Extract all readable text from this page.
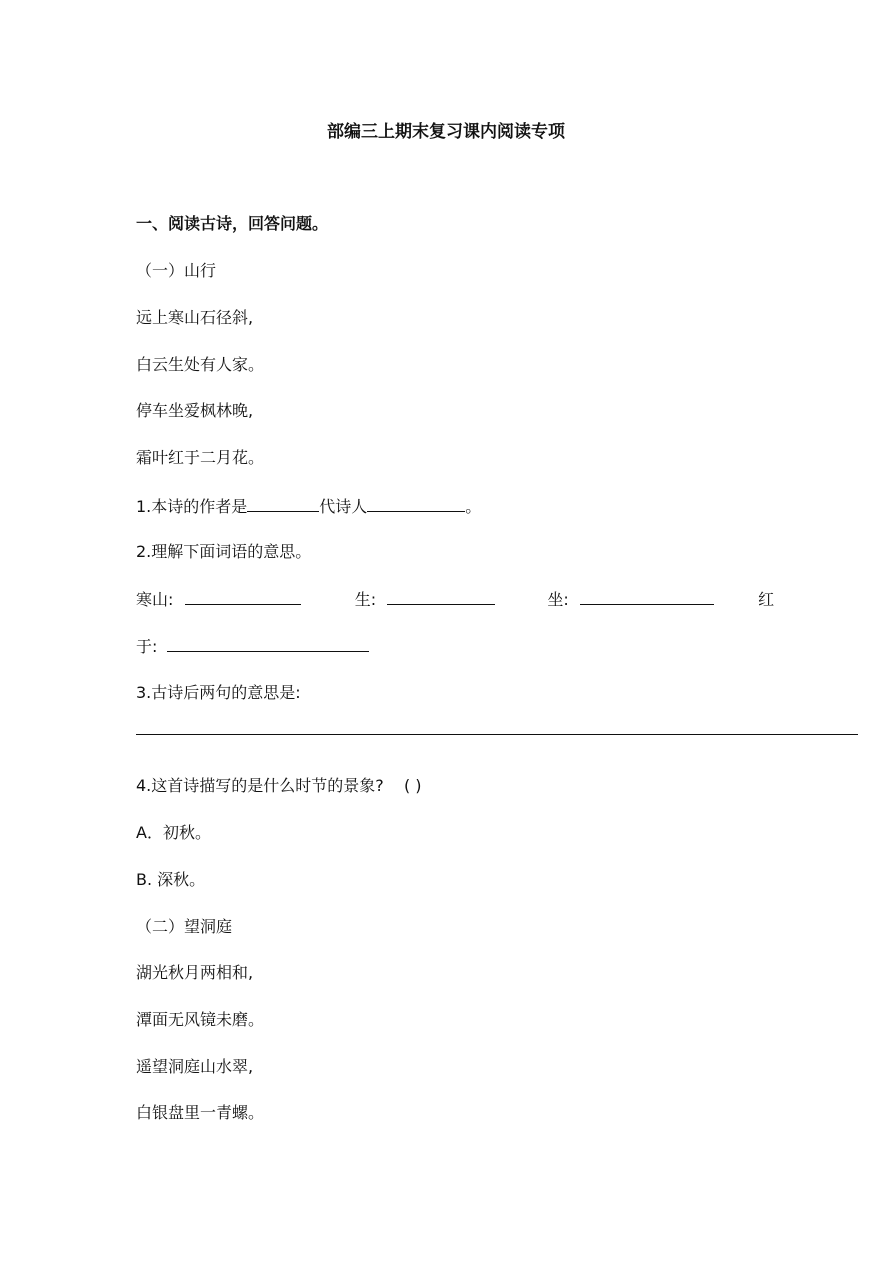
部编三上期末复习课内阅读专项
一、阅读古诗，回答问题。
（一）山行
远上寒山石径斜,
白云生处有人家。
停车坐爱枫林晚,
霜叶红于二月花。
1.本诗的作者是	代诗人	。
2.理解下面词语的意思。
寒山:	生:	坐:	红
于:
3.古诗后两句的意思是:
4.这首诗描写的是什么时节的景象? ( )
A．初秋。
B. 深秋。
（二）望洞庭
湖光秋月两相和,
潭面无风镜未磨。
遥望洞庭山水翠,
白银盘里一青螺。
